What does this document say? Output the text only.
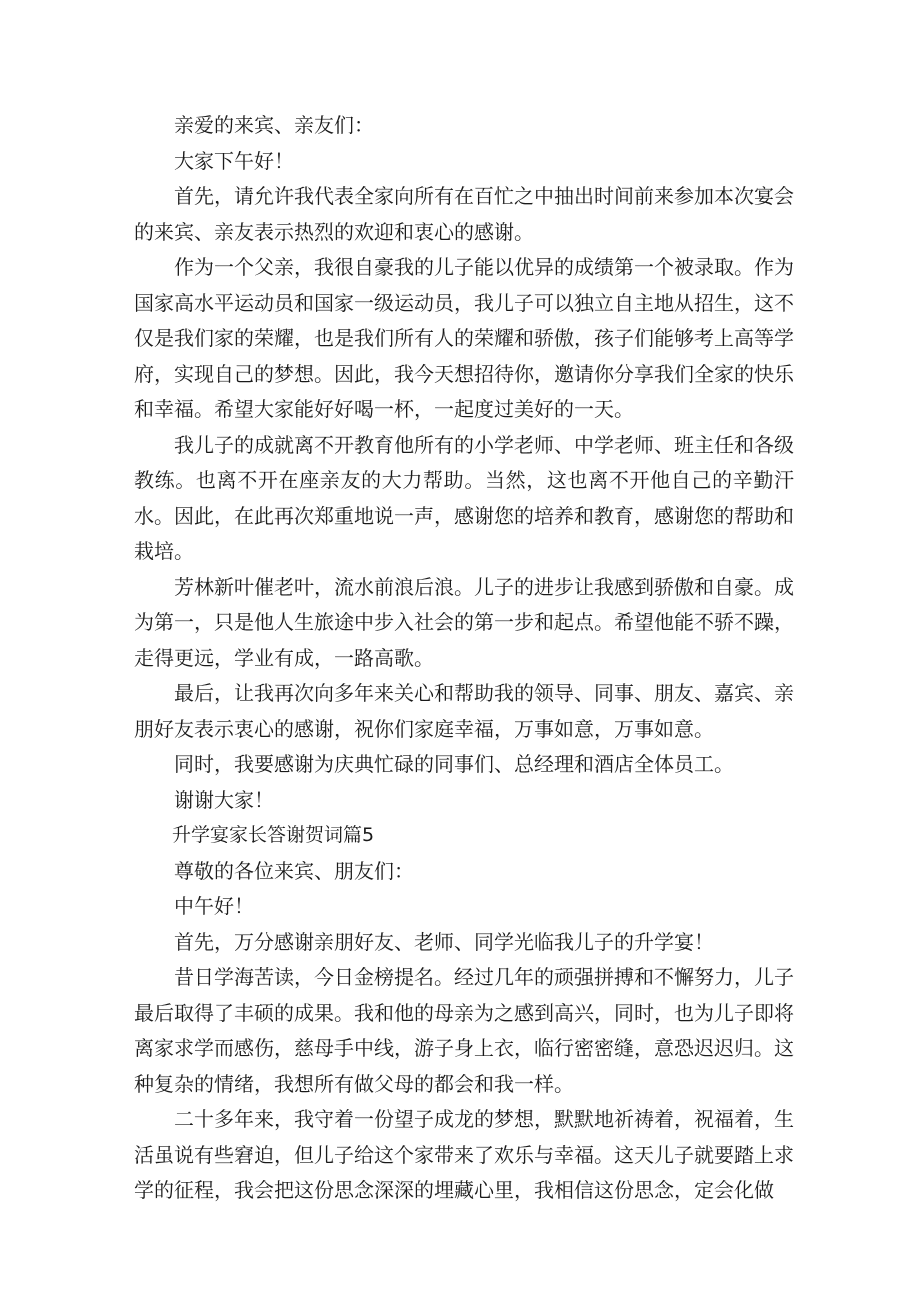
亲爱的来宾、亲友们：

大家下午好！

首先，请允许我代表全家向所有在百忙之中抽出时间前来参加本次宴会的来宾、亲友表示热烈的欢迎和衷心的感谢。

作为一个父亲，我很自豪我的儿子能以优异的成绩第一个被录取。作为国家高水平运动员和国家一级运动员，我儿子可以独立自主地从招生，这不仅是我们家的荣耀，也是我们所有人的荣耀和骄傲，孩子们能够考上高等学府，实现自己的梦想。因此，我今天想招待你，邀请你分享我们全家的快乐和幸福。希望大家能好好喝一杯，一起度过美好的一天。

我儿子的成就离不开教育他所有的小学老师、中学老师、班主任和各级教练。也离不开在座亲友的大力帮助。当然，这也离不开他自己的辛勤汗水。因此，在此再次郑重地说一声，感谢您的培养和教育，感谢您的帮助和栽培。

芳林新叶催老叶，流水前浪后浪。儿子的进步让我感到骄傲和自豪。成为第一，只是他人生旅途中步入社会的第一步和起点。希望他能不骄不躁，走得更远，学业有成，一路高歌。

最后，让我再次向多年来关心和帮助我的领导、同事、朋友、嘉宾、亲朋好友表示衷心的感谢，祝你们家庭幸福，万事如意，万事如意。

同时，我要感谢为庆典忙碌的同事们、总经理和酒店全体员工。

谢谢大家！

升学宴家长答谢贺词篇5

尊敬的各位来宾、朋友们：

中午好！

首先，万分感谢亲朋好友、老师、同学光临我儿子的升学宴！

昔日学海苦读，今日金榜提名。经过几年的顽强拼搏和不懈努力，儿子最后取得了丰硕的成果。我和他的母亲为之感到高兴，同时，也为儿子即将离家求学而感伤，慈母手中线，游子身上衣，临行密密缝，意恐迟迟归。这种复杂的情绪，我想所有做父母的都会和我一样。

二十多年来，我守着一份望子成龙的梦想，默默地祈祷着，祝福着，生活虽说有些窘迫，但儿子给这个家带来了欢乐与幸福。这天儿子就要踏上求学的征程，我会把这份思念深深的埋藏心里，我相信这份思念，定会化做
